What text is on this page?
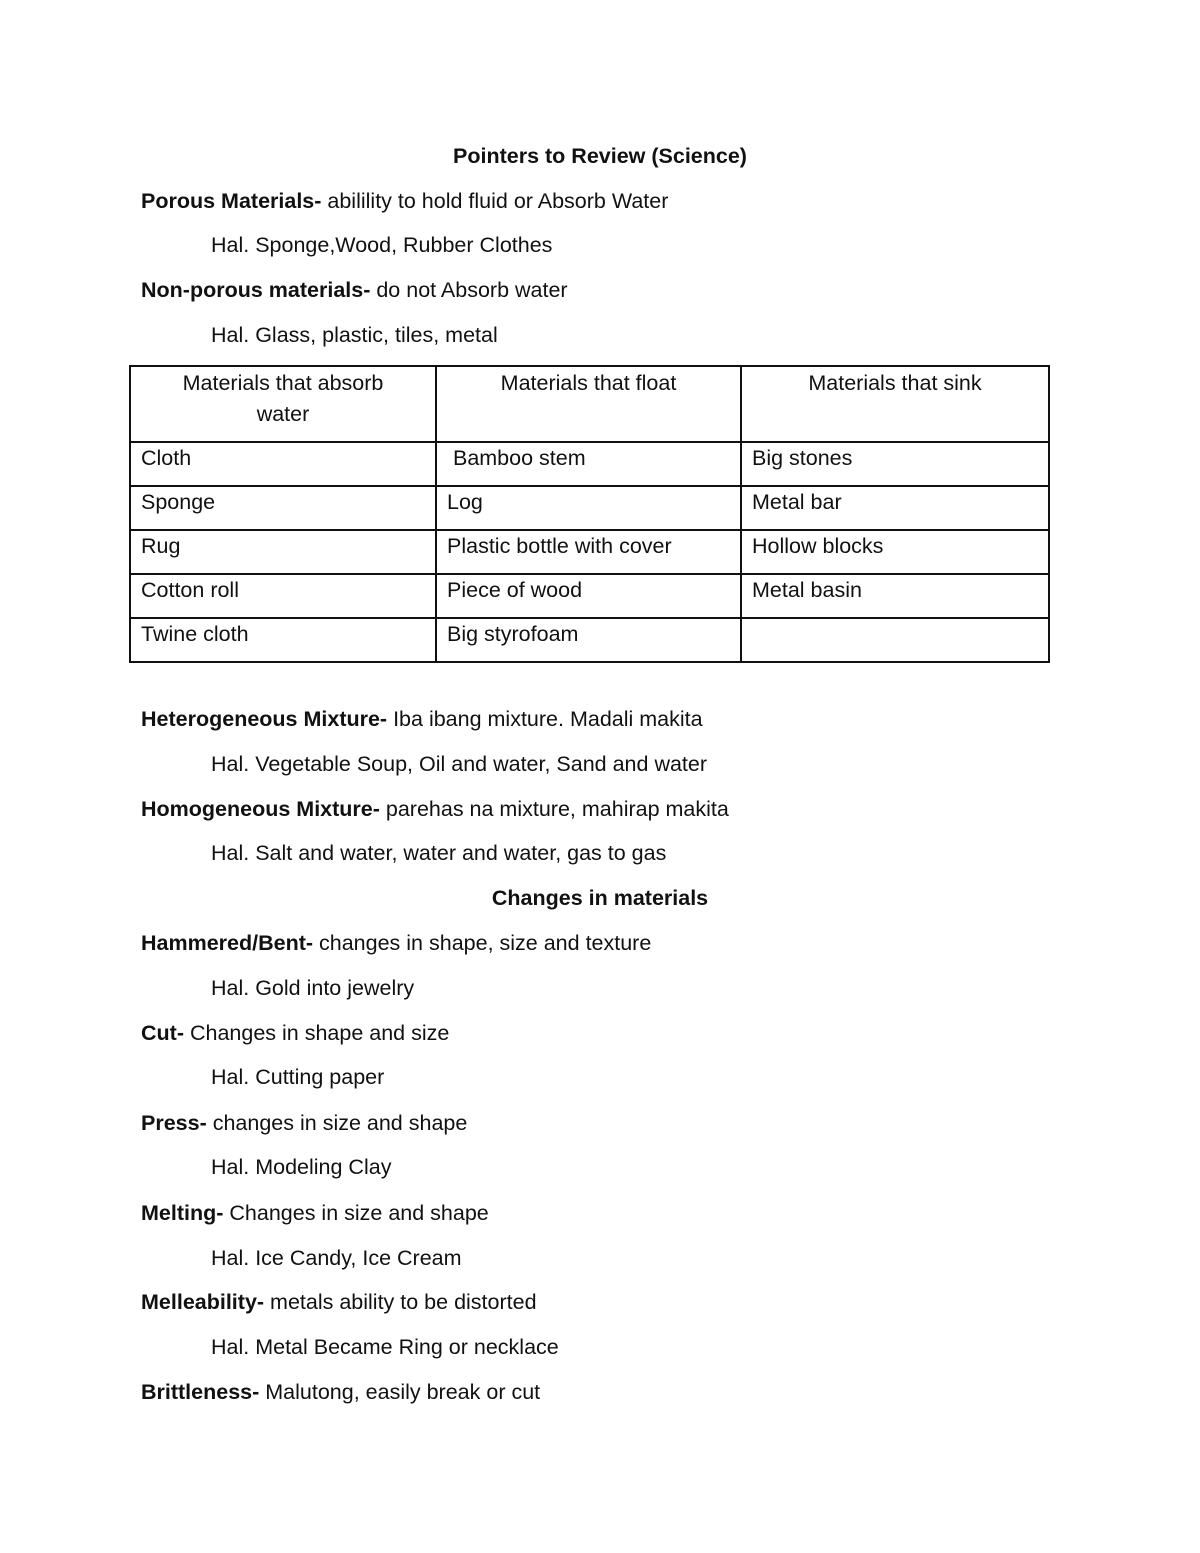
Pointers to Review (Science)
Porous Materials- abilility to hold fluid or Absorb Water
Hal. Sponge,Wood, Rubber Clothes
Non-porous materials- do not Absorb water
Hal. Glass, plastic, tiles, metal
Materials that absorb water	Materials that float	Materials that sink
Cloth	Bamboo stem	Big stones
Sponge	Log	Metal bar
Rug	Plastic bottle with cover	Hollow blocks
Cotton roll	Piece of wood	Metal basin
Twine cloth	Big styrofoam	
Heterogeneous Mixture- Iba ibang mixture. Madali makita
Hal. Vegetable Soup, Oil and water, Sand and water
Homogeneous Mixture- parehas na mixture, mahirap makita
Hal. Salt and water, water and water, gas to gas
Changes in materials
Hammered/Bent- changes in shape, size and texture
Hal. Gold into jewelry
Cut- Changes in shape and size
Hal. Cutting paper
Press- changes in size and shape
Hal. Modeling Clay
Melting- Changes in size and shape
Hal. Ice Candy, Ice Cream
Melleability- metals ability to be distorted
Hal. Metal Became Ring or necklace
Brittleness- Malutong, easily break or cut
